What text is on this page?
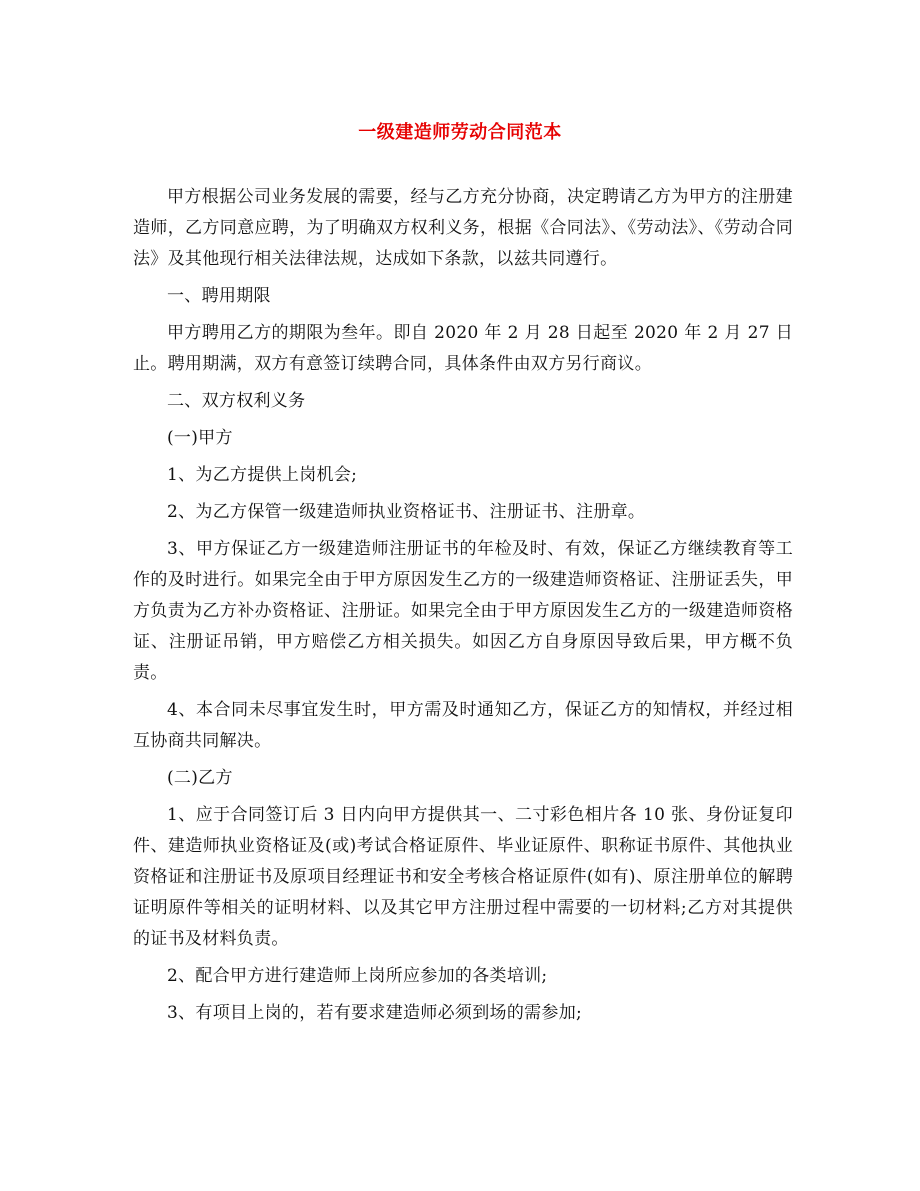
一级建造师劳动合同范本

甲方根据公司业务发展的需要，经与乙方充分协商，决定聘请乙方为甲方的注册建造师，乙方同意应聘，为了明确双方权利义务，根据《合同法》、《劳动法》、《劳动合同法》及其他现行相关法律法规，达成如下条款，以兹共同遵行。

一、聘用期限

甲方聘用乙方的期限为叁年。即自 2020 年 2 月 28 日起至 2020 年 2 月 27 日止。聘用期满，双方有意签订续聘合同，具体条件由双方另行商议。

二、双方权利义务

(一)甲方

1、为乙方提供上岗机会;

2、为乙方保管一级建造师执业资格证书、注册证书、注册章。

3、甲方保证乙方一级建造师注册证书的年检及时、有效，保证乙方继续教育等工作的及时进行。如果完全由于甲方原因发生乙方的一级建造师资格证、注册证丢失，甲方负责为乙方补办资格证、注册证。如果完全由于甲方原因发生乙方的一级建造师资格证、注册证吊销，甲方赔偿乙方相关损失。如因乙方自身原因导致后果，甲方概不负责。

4、本合同未尽事宜发生时，甲方需及时通知乙方，保证乙方的知情权，并经过相互协商共同解决。

(二)乙方

1、应于合同签订后 3 日内向甲方提供其一、二寸彩色相片各 10 张、身份证复印件、建造师执业资格证及(或)考试合格证原件、毕业证原件、职称证书原件、其他执业资格证和注册证书及原项目经理证书和安全考核合格证原件(如有)、原注册单位的解聘证明原件等相关的证明材料、以及其它甲方注册过程中需要的一切材料;乙方对其提供的证书及材料负责。

2、配合甲方进行建造师上岗所应参加的各类培训;

3、有项目上岗的，若有要求建造师必须到场的需参加;
